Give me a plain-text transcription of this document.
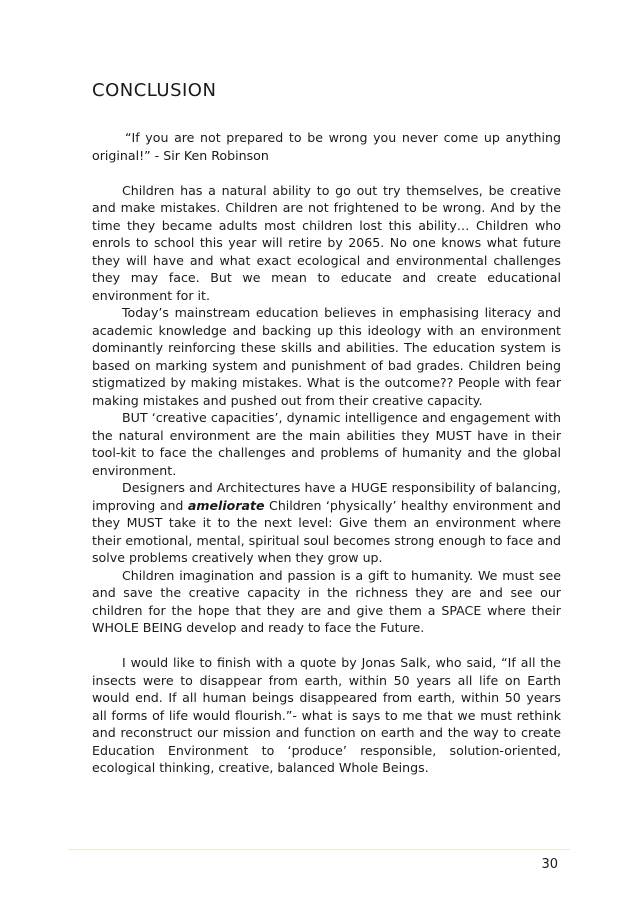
CONCLUSION

“If you are not prepared to be wrong you never come up anything original!” - Sir Ken Robinson

Children has a natural ability to go out try themselves, be creative and make mistakes. Children are not frightened to be wrong. And by the time they became adults most children lost this ability… Children who enrols to school this year will retire by 2065. No one knows what future they will have and what exact ecological and environmental challenges they may face. But we mean to educate and create educational environment for it.

Today’s mainstream education believes in emphasising literacy and academic knowledge and backing up this ideology with an environment dominantly reinforcing these skills and abilities. The education system is based on marking system and punishment of bad grades. Children being stigmatized by making mistakes. What is the outcome?? People with fear making mistakes and pushed out from their creative capacity.

BUT ‘creative capacities’, dynamic intelligence and engagement with the natural environment are the main abilities they MUST have in their tool-kit to face the challenges and problems of humanity and the global environment.

Designers and Architectures have a HUGE responsibility of balancing, improving and ameliorate Children ‘physically’ healthy environment and they MUST take it to the next level: Give them an environment where their emotional, mental, spiritual soul becomes strong enough to face and solve problems creatively when they grow up.

Children imagination and passion is a gift to humanity. We must see and save the creative capacity in the richness they are and see our children for the hope that they are and give them a SPACE where their WHOLE BEING develop and ready to face the Future.

I would like to finish with a quote by Jonas Salk, who said, “If all the insects were to disappear from earth, within 50 years all life on Earth would end. If all human beings disappeared from earth, within 50 years all forms of life would flourish.”- what is says to me that we must rethink and reconstruct our mission and function on earth and the way to create Education Environment to ‘produce’ responsible, solution-oriented, ecological thinking, creative, balanced Whole Beings.

30
